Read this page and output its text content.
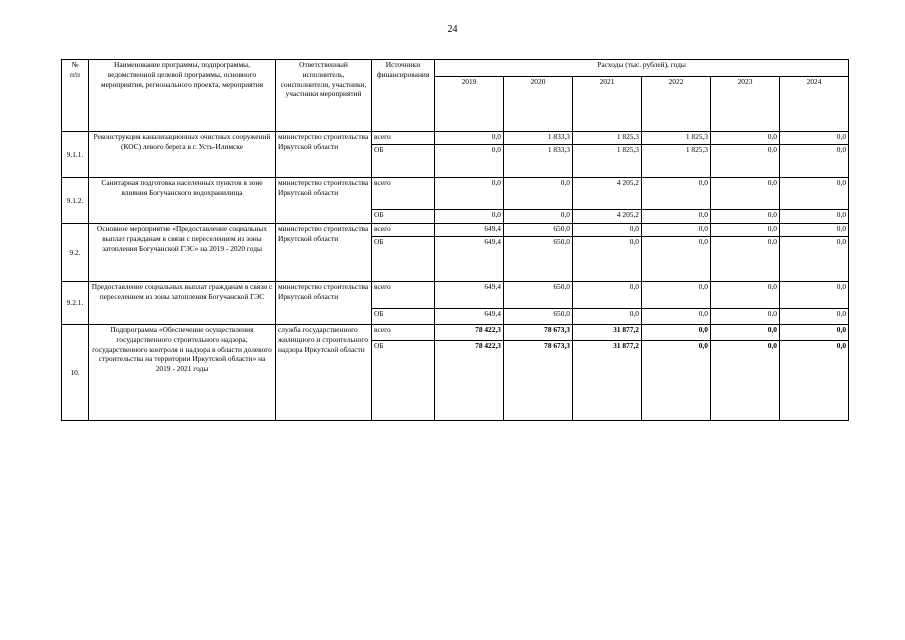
24
№
п/п	Наименование программы, подпрограммы, ведомственной целевой программы, основного мероприятия, регионального проекта, мероприятия	Ответственный исполнитель, соисполнители, участники, участники мероприятий	Источники финансирования	Расходы (тыс. рублей), годы					
				2019	2020	2021	2022	2023	2024
9.1.1.	Реконструкция канализационных очистных сооружений (КОС) левого берега в г. Усть-Илимске	министерство строительства Иркутской области	всего	0,0	1 833,3	1 825,3	1 825,3	0,0	0,0
			ОБ	0,0	1 833,3	1 825,3	1 825,3	0,0	0,0
9.1.2.	Санитарная подготовка населенных пунктов в зоне влияния Богучанского водохранилища	министерство строительства Иркутской области	всего	0,0	0,0	4 205,2	0,0	0,0	0,0
			ОБ	0,0	0,0	4 205,2	0,0	0,0	0,0
9.2.	Основное мероприятие «Предоставление социальных выплат гражданам в связи с переселением из зоны затопления Богучанской ГЭС» на 2019 - 2020 годы	министерство строительства Иркутской области	всего	649,4	650,0	0,0	0,0	0,0	0,0
			ОБ	649,4	650,0	0,0	0,0	0,0	0,0
9.2.1.	Предоставление социальных выплат гражданам в связи с переселением из зоны затопления Богучанской ГЭС	министерство строительства Иркутской области	всего	649,4	650,0	0,0	0,0	0,0	0,0
			ОБ	649,4	650,0	0,0	0,0	0,0	0,0
10.	Подпрограмма «Обеспечение осуществления государственного строительного надзора, государственного контроля и надзора в области долевого строительства на территории Иркутской области» на 2019 - 2021 годы	служба государственного жилищного и строительного надзора Иркутской области	всего	78 422,3	78 673,3	31 877,2	0,0	0,0	0,0
			ОБ	78 422,3	78 673,3	31 877,2	0,0	0,0	0,0
